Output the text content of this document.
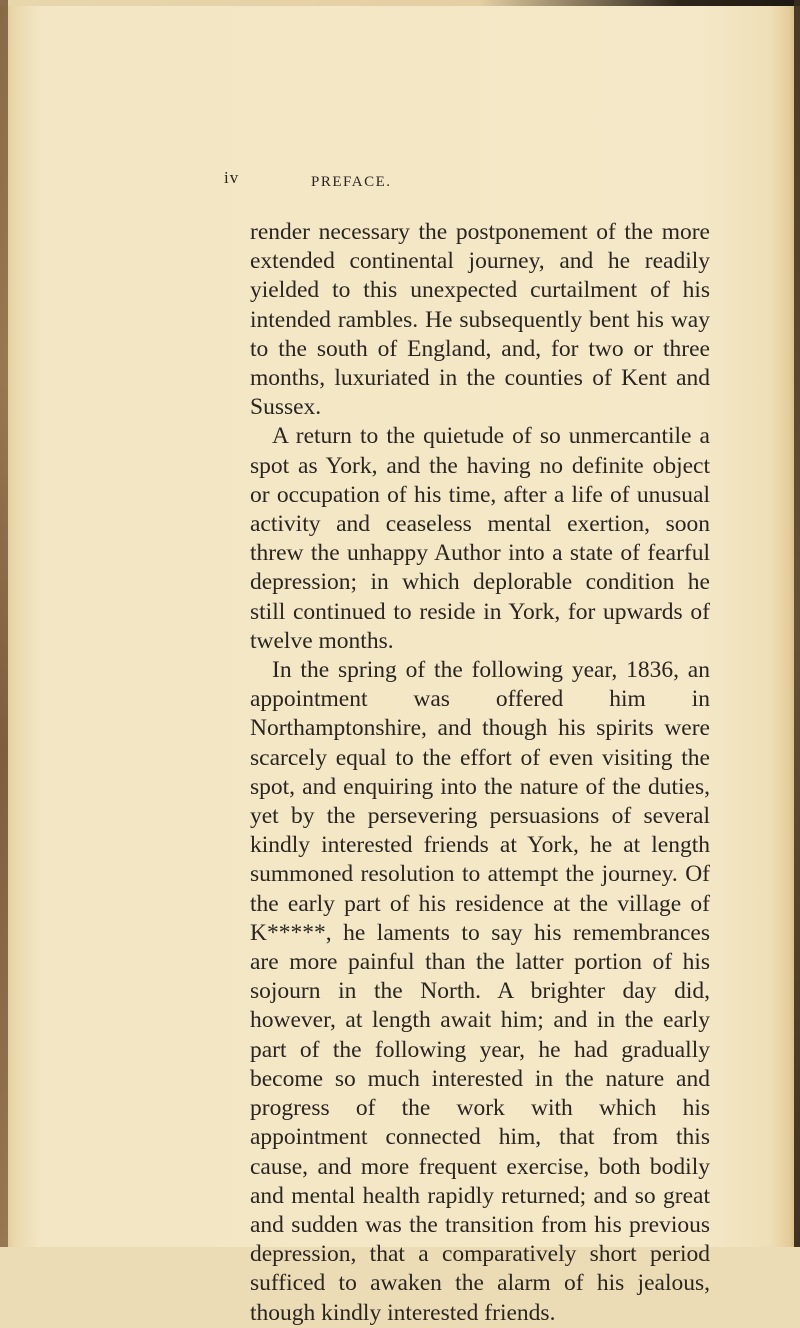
iv	PREFACE.

render necessary the postponement of the more extended continental journey, and he readily yielded to this unexpected curtailment of his intended rambles. He subsequently bent his way to the south of England, and, for two or three months, luxuriated in the counties of Kent and Sussex.

A return to the quietude of so unmercantile a spot as York, and the having no definite object or occupation of his time, after a life of unusual activity and ceaseless mental exertion, soon threw the unhappy Author into a state of fearful depression; in which deplorable condition he still continued to reside in York, for upwards of twelve months.

In the spring of the following year, 1836, an appointment was offered him in Northamptonshire, and though his spirits were scarcely equal to the effort of even visiting the spot, and enquiring into the nature of the duties, yet by the persevering persuasions of several kindly interested friends at York, he at length summoned resolution to attempt the journey. Of the early part of his residence at the village of K*****, he laments to say his remembrances are more painful than the latter portion of his sojourn in the North. A brighter day did, however, at length await him; and in the early part of the following year, he had gradually become so much interested in the nature and progress of the work with which his appointment connected him, that from this cause, and more frequent exercise, both bodily and mental health rapidly returned; and so great and sudden was the transition from his previous depression, that a comparatively short period sufficed to awaken the alarm of his jealous, though kindly interested friends.
